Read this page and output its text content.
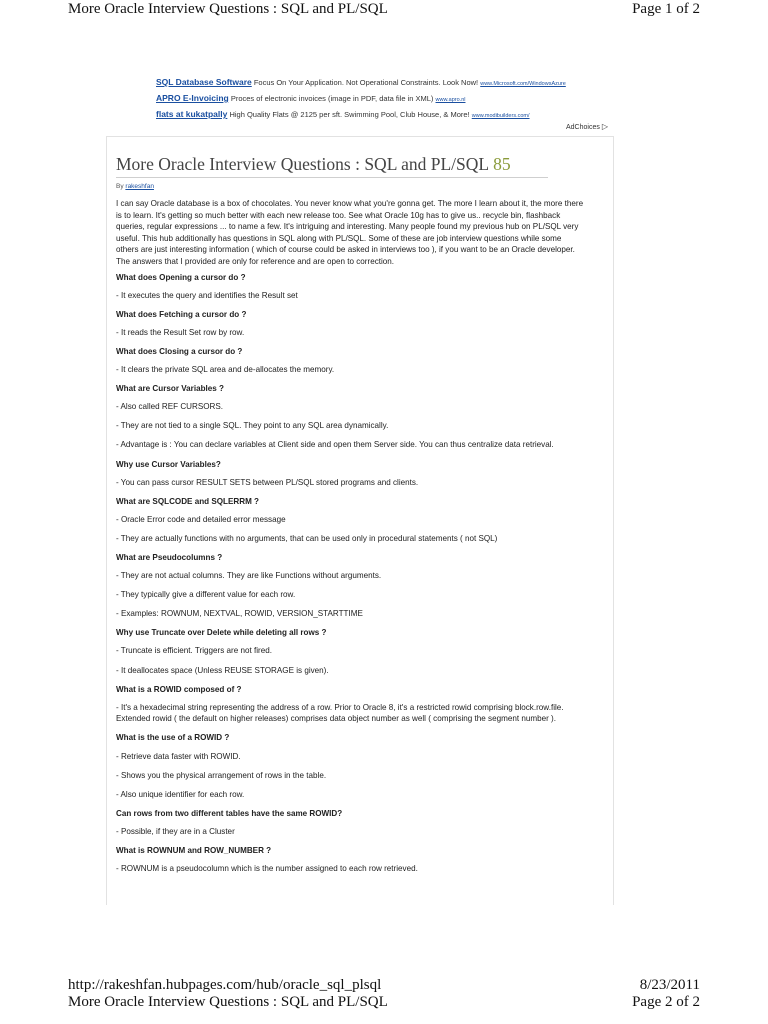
More Oracle Interview Questions : SQL and PL/SQL	Page 1 of 2
SQL Database Software Focus On Your Application. Not Operational Constraints. Look Now! www.Microsoft.com/WindowsAzure
APRO E-Invoicing Proces of electronic invoices (image in PDF, data file in XML) www.apro.nl
flats at kukatpally High Quality Flats @ 2125 per sft. Swimming Pool, Club House, & More! www.modibuilders.com/
AdChoices ▷
More Oracle Interview Questions : SQL and PL/SQL 85
By rakeshfan

I can say Oracle database is a box of chocolates. You never know what you're gonna get. The more I learn about it, the more there is to learn. It's getting so much better with each new release too. See what Oracle 10g has to give us.. recycle bin, flashback queries, regular expressions ... to name a few. It's intriguing and interesting. Many people found my previous hub on PL/SQL very useful. This hub additionally has questions in SQL along with PL/SQL. Some of these are job interview questions while some others are just interesting information ( which of course could be asked in interviews too ), if you want to be an Oracle developer. The answers that I provided are only for reference and are open to correction.

What does Opening a cursor do ?
- It executes the query and identifies the Result set
What does Fetching a cursor do ?
- It reads the Result Set row by row.
What does Closing a cursor do ?
- It clears the private SQL area and de-allocates the memory.
What are Cursor Variables ?
- Also called REF CURSORS.
- They are not tied to a single SQL. They point to any SQL area dynamically.
- Advantage is : You can declare variables at Client side and open them Server side. You can thus centralize data retrieval.
Why use Cursor Variables?
- You can pass cursor RESULT SETS between PL/SQL stored programs and clients.
What are SQLCODE and SQLERRM ?
- Oracle Error code and detailed error message
- They are actually functions with no arguments, that can be used only in procedural statements ( not SQL)
What are Pseudocolumns ?
- They are not actual columns. They are like Functions without arguments.
- They typically give a different value for each row.
- Examples: ROWNUM, NEXTVAL, ROWID, VERSION_STARTTIME
Why use Truncate over Delete while deleting all rows ?
- Truncate is efficient. Triggers are not fired.
- It deallocates space (Unless REUSE STORAGE is given).
What is a ROWID composed of ?
- It's a hexadecimal string representing the address of a row. Prior to Oracle 8, it's a restricted rowid comprising block.row.file. Extended rowid ( the default on higher releases) comprises data object number as well ( comprising the segment number ).
What is the use of a ROWID ?
- Retrieve data faster with ROWID.
- Shows you the physical arrangement of rows in the table.
- Also unique identifier for each row.
Can rows from two different tables have the same ROWID?
- Possible, if they are in a Cluster
What is ROWNUM and ROW_NUMBER ?
- ROWNUM is a pseudocolumn which is the number assigned to each row retrieved.
http://rakeshfan.hubpages.com/hub/oracle_sql_plsql	8/23/2011
More Oracle Interview Questions : SQL and PL/SQL	Page 2 of 2
